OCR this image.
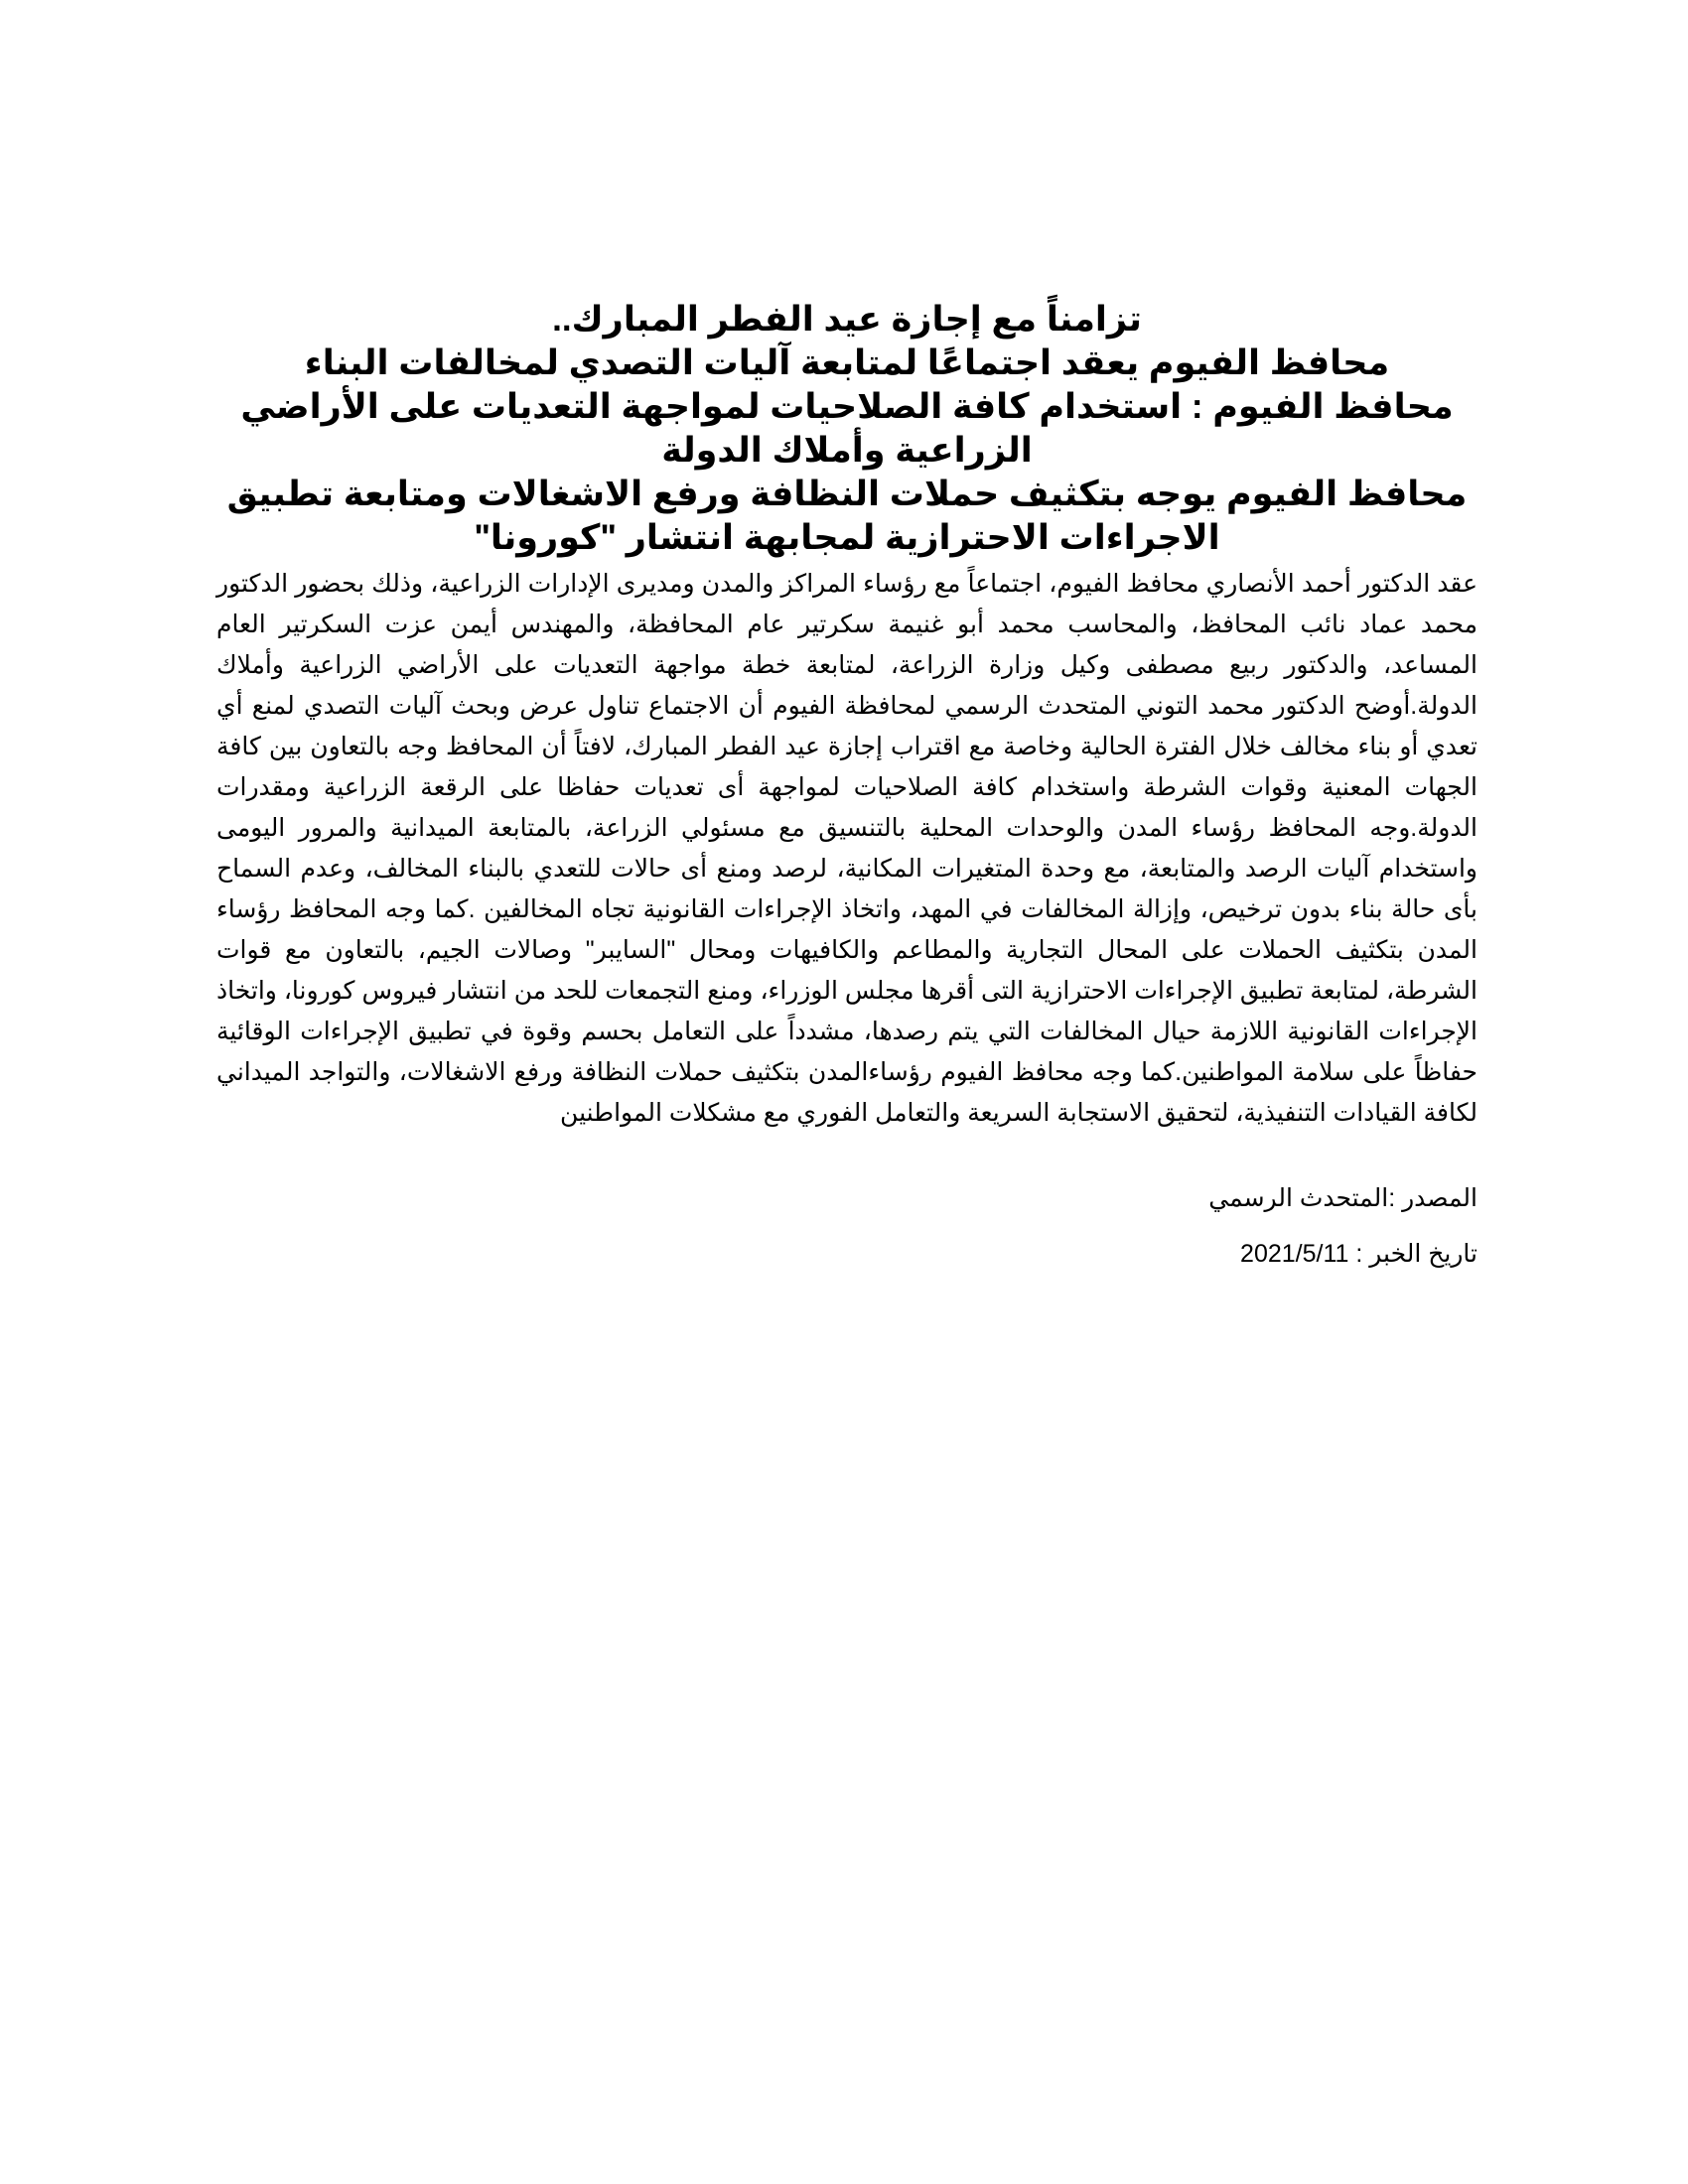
تزامناً مع إجازة عيد الفطر المبارك..
محافظ الفيوم يعقد اجتماعًا لمتابعة آليات التصدي لمخالفات البناء
محافظ الفيوم : استخدام كافة الصلاحيات لمواجهة التعديات على الأراضي الزراعية وأملاك الدولة
محافظ الفيوم يوجه بتكثيف حملات النظافة ورفع الاشغالات ومتابعة تطبيق الاجراءات الاحترازية لمجابهة انتشار "كورونا"

عقد الدكتور أحمد الأنصاري محافظ الفيوم، اجتماعاً مع رؤساء المراكز والمدن ومديرى الإدارات الزراعية، وذلك بحضور الدكتور محمد عماد نائب المحافظ، والمحاسب محمد أبو غنيمة سكرتير عام المحافظة، والمهندس أيمن عزت السكرتير العام المساعد، والدكتور ربيع مصطفى وكيل وزارة الزراعة، لمتابعة خطة مواجهة التعديات على الأراضي الزراعية وأملاك الدولة.أوضح الدكتور محمد التوني المتحدث الرسمي لمحافظة الفيوم أن الاجتماع تناول عرض وبحث آليات التصدي لمنع أي تعدي أو بناء مخالف خلال الفترة الحالية وخاصة مع اقتراب إجازة عيد الفطر المبارك، لافتاً أن المحافظ وجه بالتعاون بين كافة الجهات المعنية وقوات الشرطة واستخدام كافة الصلاحيات لمواجهة أى تعديات حفاظا على الرقعة الزراعية ومقدرات الدولة.وجه المحافظ رؤساء المدن والوحدات المحلية بالتنسيق مع مسئولي الزراعة، بالمتابعة الميدانية والمرور اليومى واستخدام آليات الرصد والمتابعة، مع وحدة المتغيرات المكانية، لرصد ومنع أى حالات للتعدي بالبناء المخالف، وعدم السماح بأى حالة بناء بدون ترخيص، وإزالة المخالفات في المهد، واتخاذ الإجراءات القانونية تجاه المخالفين .كما وجه المحافظ رؤساء المدن بتكثيف الحملات على المحال التجارية والمطاعم والكافيهات ومحال "السايبر" وصالات الجيم، بالتعاون مع قوات الشرطة، لمتابعة تطبيق الإجراءات الاحترازية التى أقرها مجلس الوزراء، ومنع التجمعات للحد من انتشار فيروس كورونا، واتخاذ الإجراءات القانونية اللازمة حيال المخالفات التي يتم رصدها، مشدداً على التعامل بحسم وقوة في تطبيق الإجراءات الوقائية حفاظاً على سلامة المواطنين.كما وجه محافظ الفيوم رؤساءالمدن بتكثيف حملات النظافة ورفع الاشغالات، والتواجد الميداني لكافة القيادات التنفيذية، لتحقيق الاستجابة السريعة والتعامل الفوري مع مشكلات المواطنين

المصدر :المتحدث الرسمي
تاريخ الخبر : 2021/5/11
